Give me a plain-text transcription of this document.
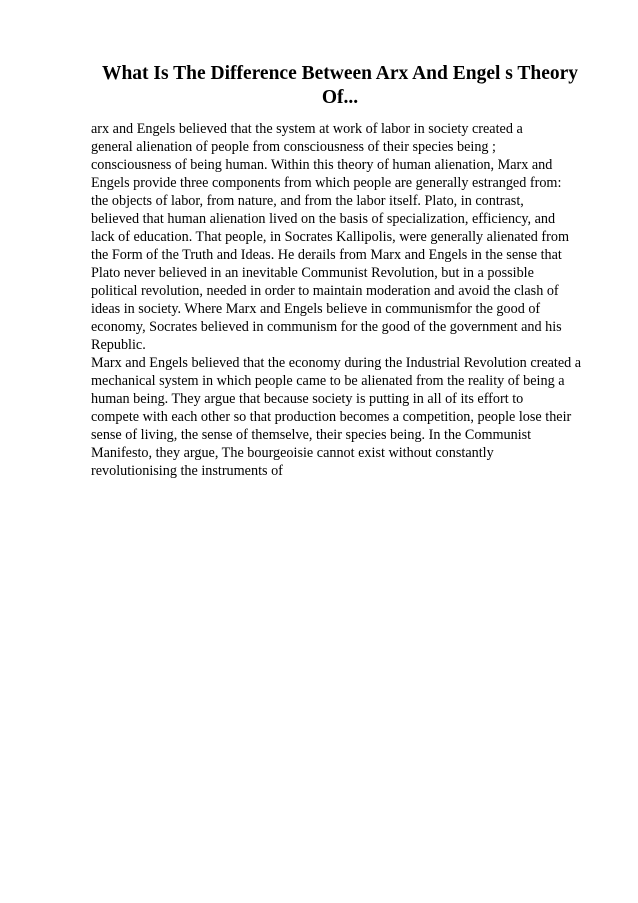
What Is The Difference Between Arx And Engel s Theory
Of...
arx and Engels believed that the system at work of labor in society created a
general alienation of people from consciousness of their species being ;
consciousness of being human. Within this theory of human alienation, Marx and
Engels provide three components from which people are generally estranged from:
the objects of labor, from nature, and from the labor itself. Plato, in contrast,
believed that human alienation lived on the basis of specialization, efficiency, and
lack of education. That people, in Socrates Kallipolis, were generally alienated from
the Form of the Truth and Ideas. He derails from Marx and Engels in the sense that
Plato never believed in an inevitable Communist Revolution, but in a possible
political revolution, needed in order to maintain moderation and avoid the clash of
ideas in society. Where Marx and Engels believe in communismfor the good of
economy, Socrates believed in communism for the good of the government and his
Republic.
Marx and Engels believed that the economy during the Industrial Revolution created a
mechanical system in which people came to be alienated from the reality of being a
human being. They argue that because society is putting in all of its effort to
compete with each other so that production becomes a competition, people lose their
sense of living, the sense of themselve, their species being. In the Communist
Manifesto, they argue, The bourgeoisie cannot exist without constantly
revolutionising the instruments of
